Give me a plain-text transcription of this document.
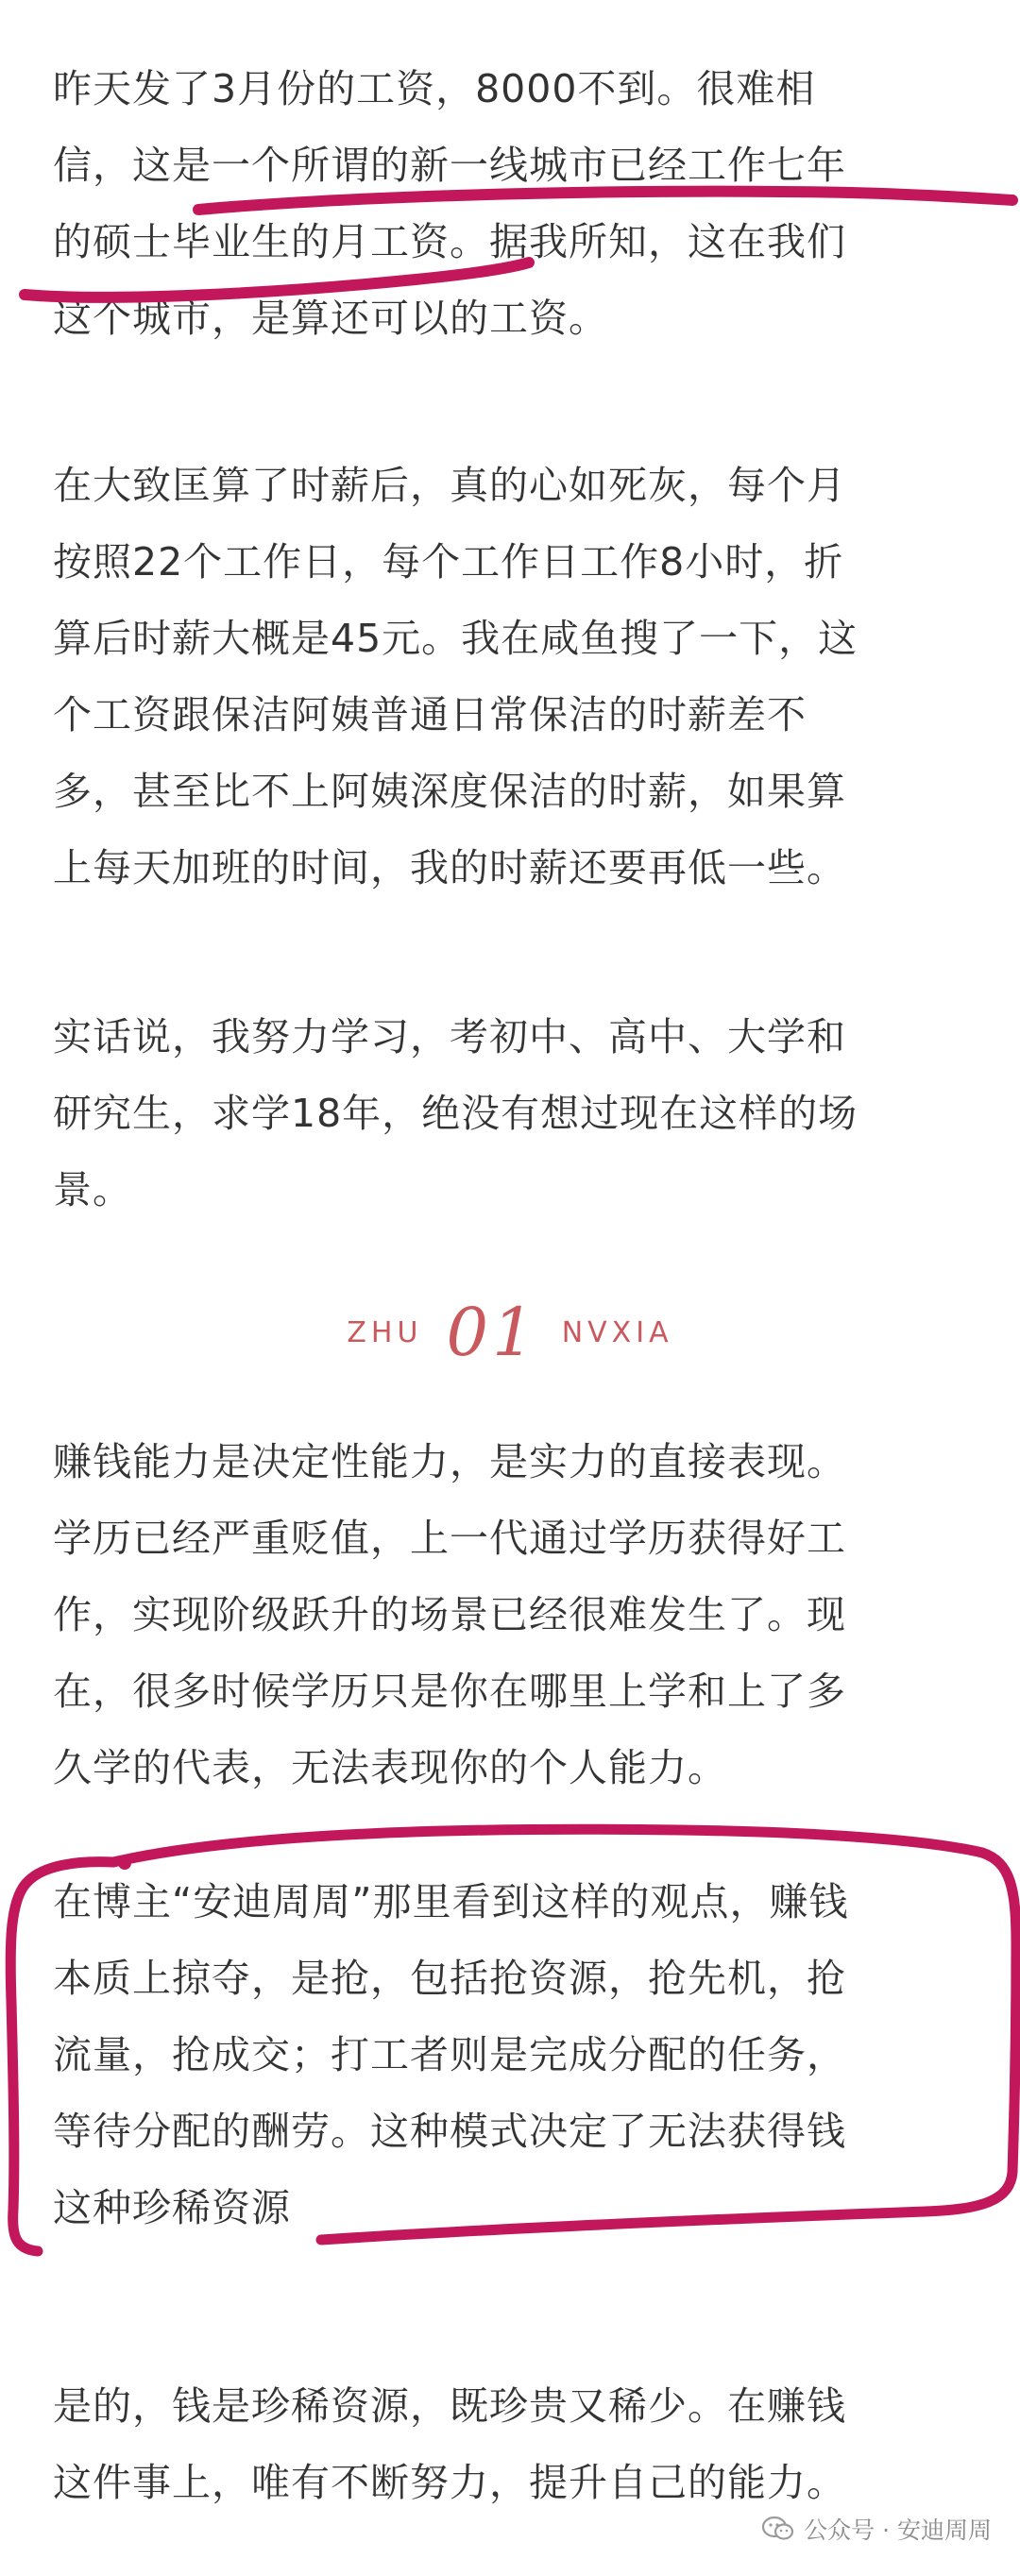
昨天发了3月份的工资，8000不到。很难相
信，这是一个所谓的新一线城市已经工作七年
的硕士毕业生的月工资。据我所知，这在我们
这个城市，是算还可以的工资。

在大致匡算了时薪后，真的心如死灰，每个月
按照22个工作日，每个工作日工作8小时，折
算后时薪大概是45元。我在咸鱼搜了一下，这
个工资跟保洁阿姨普通日常保洁的时薪差不
多，甚至比不上阿姨深度保洁的时薪，如果算
上每天加班的时间，我的时薪还要再低一些。

实话说，我努力学习，考初中、高中、大学和
研究生，求学18年，绝没有想过现在这样的场
景。

ZHU 01 NVXIA

赚钱能力是决定性能力，是实力的直接表现。
学历已经严重贬值，上一代通过学历获得好工
作，实现阶级跃升的场景已经很难发生了。现
在，很多时候学历只是你在哪里上学和上了多
久学的代表，无法表现你的个人能力。

在博主“安迪周周”那里看到这样的观点，赚钱
本质上掠夺，是抢，包括抢资源，抢先机，抢
流量，抢成交；打工者则是完成分配的任务，
等待分配的酬劳。这种模式决定了无法获得钱
这种珍稀资源

是的，钱是珍稀资源，既珍贵又稀少。在赚钱
这件事上，唯有不断努力，提升自己的能力。

公众号 · 安迪周周
